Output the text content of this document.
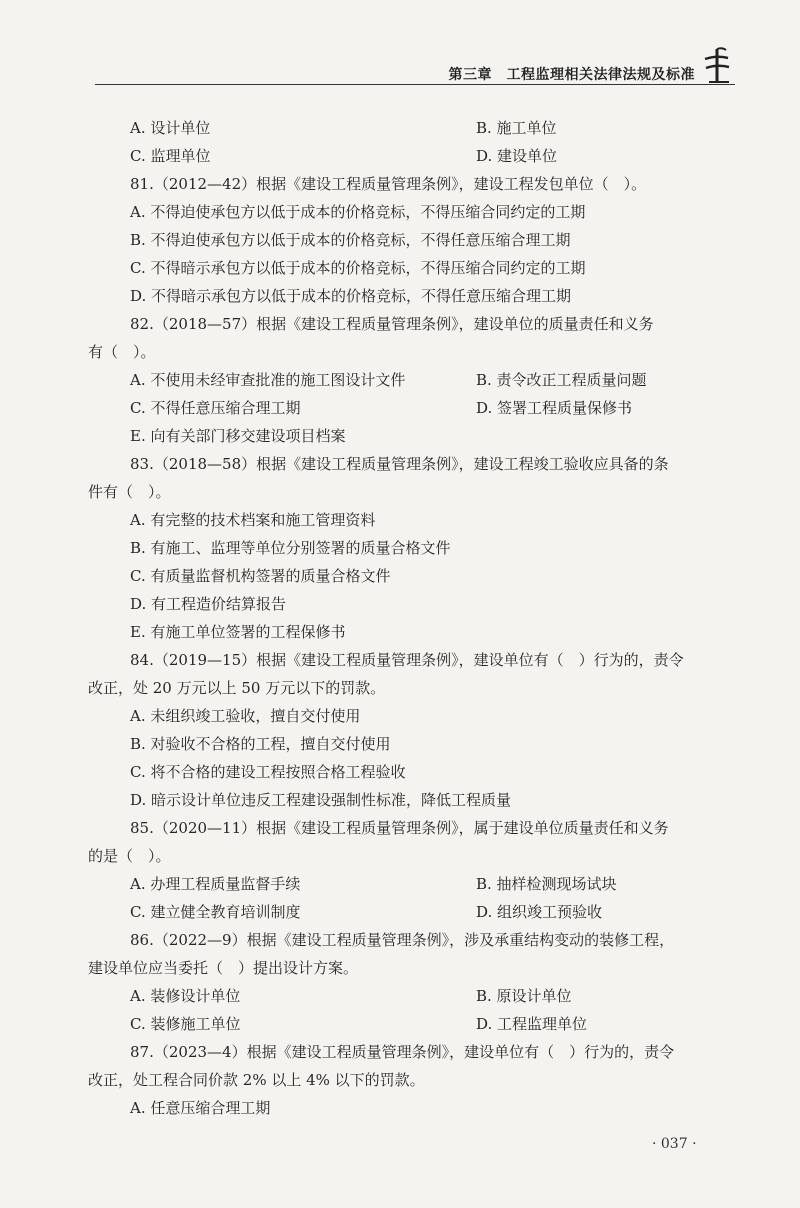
第三章　工程监理相关法律法规及标准
A. 设计单位	B. 施工单位
C. 监理单位	D. 建设单位
81.（2012—42）根据《建设工程质量管理条例》，建设工程发包单位（　）。
A. 不得迫使承包方以低于成本的价格竞标，不得压缩合同约定的工期
B. 不得迫使承包方以低于成本的价格竞标，不得任意压缩合理工期
C. 不得暗示承包方以低于成本的价格竞标，不得压缩合同约定的工期
D. 不得暗示承包方以低于成本的价格竞标，不得任意压缩合理工期
82.（2018—57）根据《建设工程质量管理条例》，建设单位的质量责任和义务
有（　）。
A. 不使用未经审查批准的施工图设计文件	B. 责令改正工程质量问题
C. 不得任意压缩合理工期	D. 签署工程质量保修书
E. 向有关部门移交建设项目档案
83.（2018—58）根据《建设工程质量管理条例》，建设工程竣工验收应具备的条
件有（　）。
A. 有完整的技术档案和施工管理资料
B. 有施工、监理等单位分别签署的质量合格文件
C. 有质量监督机构签署的质量合格文件
D. 有工程造价结算报告
E. 有施工单位签署的工程保修书
84.（2019—15）根据《建设工程质量管理条例》，建设单位有（　）行为的，责令
改正，处 20 万元以上 50 万元以下的罚款。
A. 未组织竣工验收，擅自交付使用
B. 对验收不合格的工程，擅自交付使用
C. 将不合格的建设工程按照合格工程验收
D. 暗示设计单位违反工程建设强制性标准，降低工程质量
85.（2020—11）根据《建设工程质量管理条例》，属于建设单位质量责任和义务
的是（　）。
A. 办理工程质量监督手续	B. 抽样检测现场试块
C. 建立健全教育培训制度	D. 组织竣工预验收
86.（2022—9）根据《建设工程质量管理条例》，涉及承重结构变动的装修工程，
建设单位应当委托（　）提出设计方案。
A. 装修设计单位	B. 原设计单位
C. 装修施工单位	D. 工程监理单位
87.（2023—4）根据《建设工程质量管理条例》，建设单位有（　）行为的，责令
改正，处工程合同价款 2% 以上 4% 以下的罚款。
A. 任意压缩合理工期
· 037 ·
